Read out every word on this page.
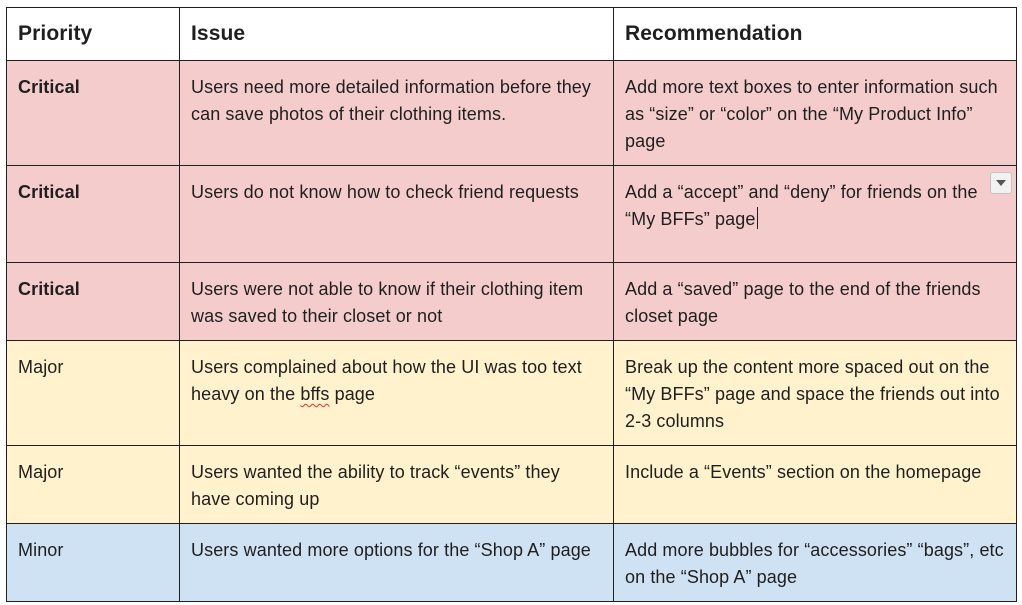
Priority	Issue	Recommendation
Critical	Users need more detailed information before they can save photos of their clothing items.	Add more text boxes to enter information such as “size” or “color” on the “My Product Info” page
Critical	Users do not know how to check friend requests	Add a “accept” and “deny” for friends on the “My BFFs” page

Critical	Users were not able to know if their clothing item was saved to their closet or not	Add a “saved” page to the end of the friends closet page
Major	Users complained about how the UI was too text heavy on the bffs page	Break up the content more spaced out on the “My BFFs” page and space the friends out into 2-3 columns
Major	Users wanted the ability to track “events” they have coming up	Include a “Events” section on the homepage
Minor	Users wanted more options for the “Shop A” page	Add more bubbles for “accessories” “bags”, etc on the “Shop A” page
